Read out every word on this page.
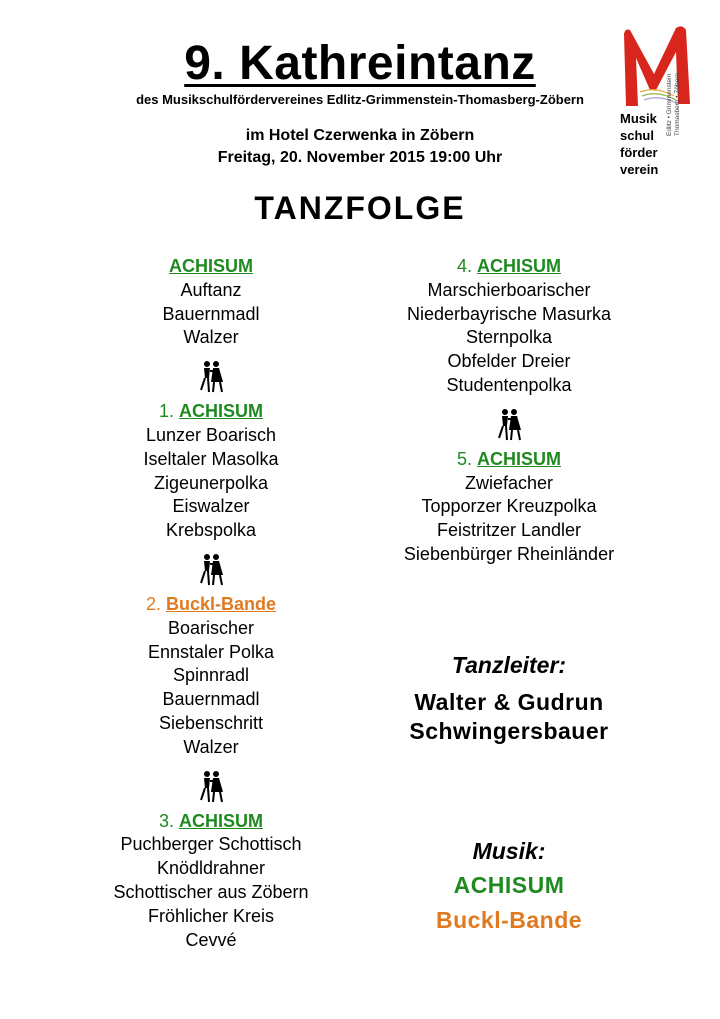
9. Kathreintanz
des Musikschulfördervereines Edlitz-Grimmenstein-Thomasberg-Zöbern
im Hotel Czerwenka in Zöbern
Freitag, 20. November 2015 19:00 Uhr
Musik
schul
förder
verein
Edlitz • Grimmenstein Thomasberg • Zöbern
TANZFOLGE
ACHISUM
Auftanz
Bauernmadl
Walzer
1. ACHISUM
Lunzer Boarisch
Iseltaler Masolka
Zigeunerpolka
Eiswalzer
Krebspolka
2. Buckl-Bande
Boarischer
Ennstaler Polka
Spinnradl
Bauernmadl
Siebenschritt
Walzer
3. ACHISUM
Puchberger Schottisch
Knödldrahner
Schottischer aus Zöbern
Fröhlicher Kreis
Cevvé
4. ACHISUM
Marschierboarischer
Niederbayrische Masurka
Sternpolka
Obfelder Dreier
Studentenpolka
5. ACHISUM
Zwiefacher
Topporzer Kreuzpolka
Feistritzer Landler
Siebenbürger Rheinländer
Tanzleiter:
Walter & Gudrun
Schwingersbauer
Musik:
ACHISUM
Buckl-Bande
